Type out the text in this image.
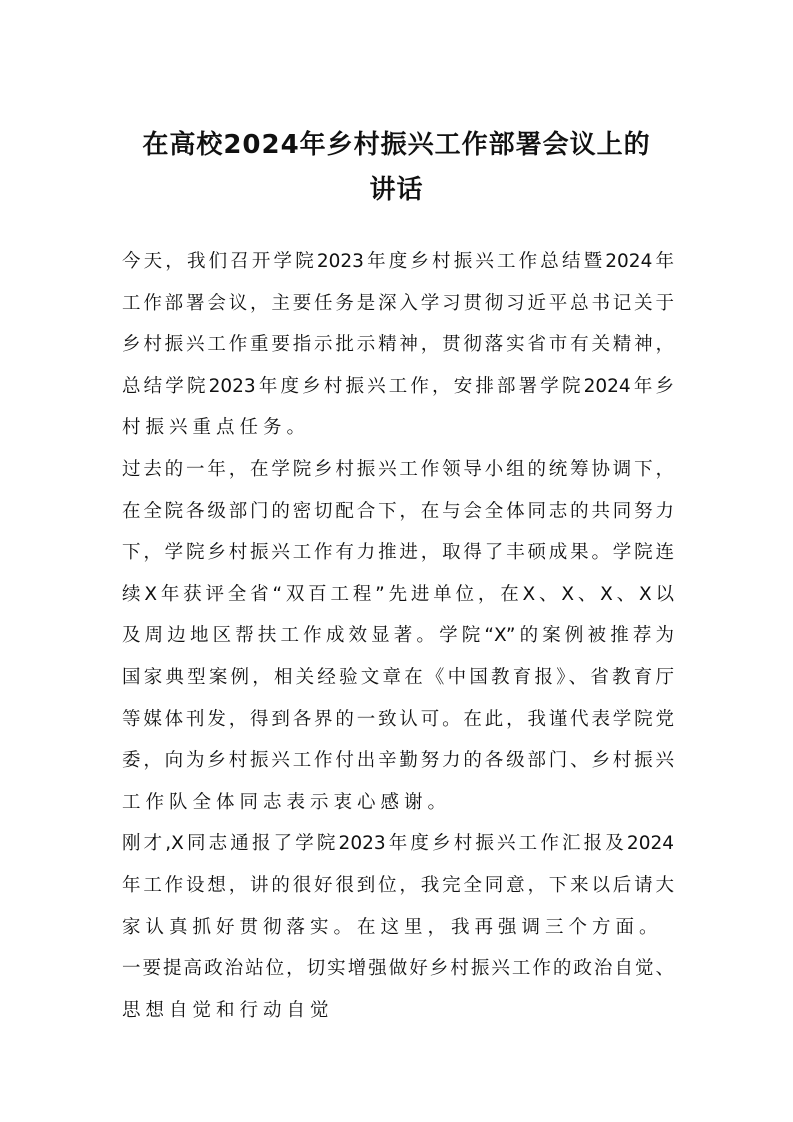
在高校2024年乡村振兴工作部署会议上的
讲话
今天，我们召开学院2023年度乡村振兴工作总结暨2024年
工作部署会议，主要任务是深入学习贯彻习近平总书记关于
乡村振兴工作重要指示批示精神，贯彻落实省市有关精神，
总结学院2023年度乡村振兴工作，安排部署学院2024年乡
村振兴重点任务。
过去的一年，在学院乡村振兴工作领导小组的统筹协调下，
在全院各级部门的密切配合下，在与会全体同志的共同努力
下，学院乡村振兴工作有力推进，取得了丰硕成果。学院连
续X年获评全省“双百工程”先进单位，在X、X、X、X以
及周边地区帮扶工作成效显著。学院“X”的案例被推荐为
国家典型案例，相关经验文章在《中国教育报》、省教育厅
等媒体刊发，得到各界的一致认可。在此，我谨代表学院党
委，向为乡村振兴工作付出辛勤努力的各级部门、乡村振兴
工作队全体同志表示衷心感谢。
刚才,X同志通报了学院2023年度乡村振兴工作汇报及2024
年工作设想，讲的很好很到位，我完全同意，下来以后请大
家认真抓好贯彻落实。在这里，我再强调三个方面。
一要提高政治站位，切实增强做好乡村振兴工作的政治自觉、
思想自觉和行动自觉
